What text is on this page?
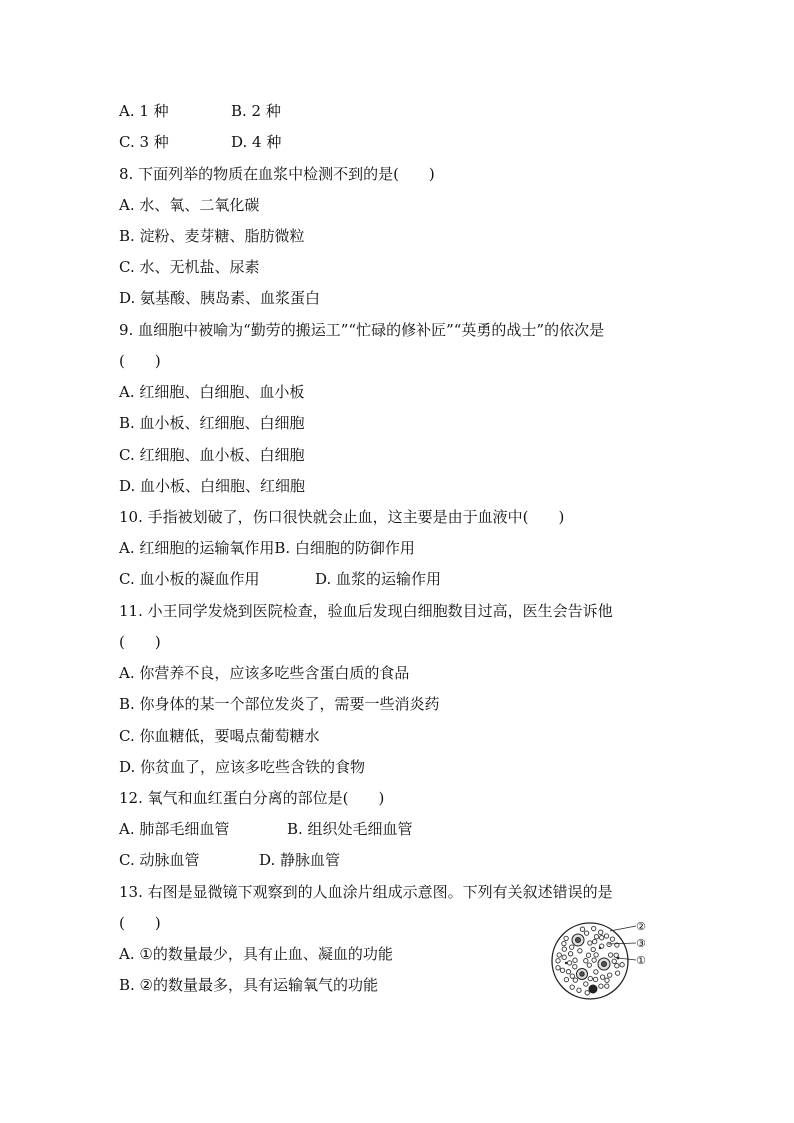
A. 1 种	B. 2 种
C. 3 种	D. 4 种
8. 下面列举的物质在血浆中检测不到的是(　　)
A. 水、氧、二氧化碳
B. 淀粉、麦芽糖、脂肪微粒
C. 水、无机盐、尿素
D. 氨基酸、胰岛素、血浆蛋白
9. 血细胞中被喻为“勤劳的搬运工”“忙碌的修补匠”“英勇的战士”的依次是
(　　)
A. 红细胞、白细胞、血小板
B. 血小板、红细胞、白细胞
C. 红细胞、血小板、白细胞
D. 血小板、白细胞、红细胞
10. 手指被划破了，伤口很快就会止血，这主要是由于血液中(　　)
A. 红细胞的运输氧作用B. 白细胞的防御作用
C. 血小板的凝血作用	D. 血浆的运输作用
11. 小王同学发烧到医院检查，验血后发现白细胞数目过高，医生会告诉他
(　　)
A. 你营养不良，应该多吃些含蛋白质的食品
B. 你身体的某一个部位发炎了，需要一些消炎药
C. 你血糖低，要喝点葡萄糖水
D. 你贫血了，应该多吃些含铁的食物
12. 氧气和血红蛋白分离的部位是(　　)
A. 肺部毛细血管	B. 组织处毛细血管
C. 动脉血管	D. 静脉血管
13. 右图是显微镜下观察到的人血涂片组成示意图。下列有关叙述错误的是
(　　)
A. ①的数量最少，具有止血、凝血的功能
B. ②的数量最多，具有运输氧气的功能
②
③
①
